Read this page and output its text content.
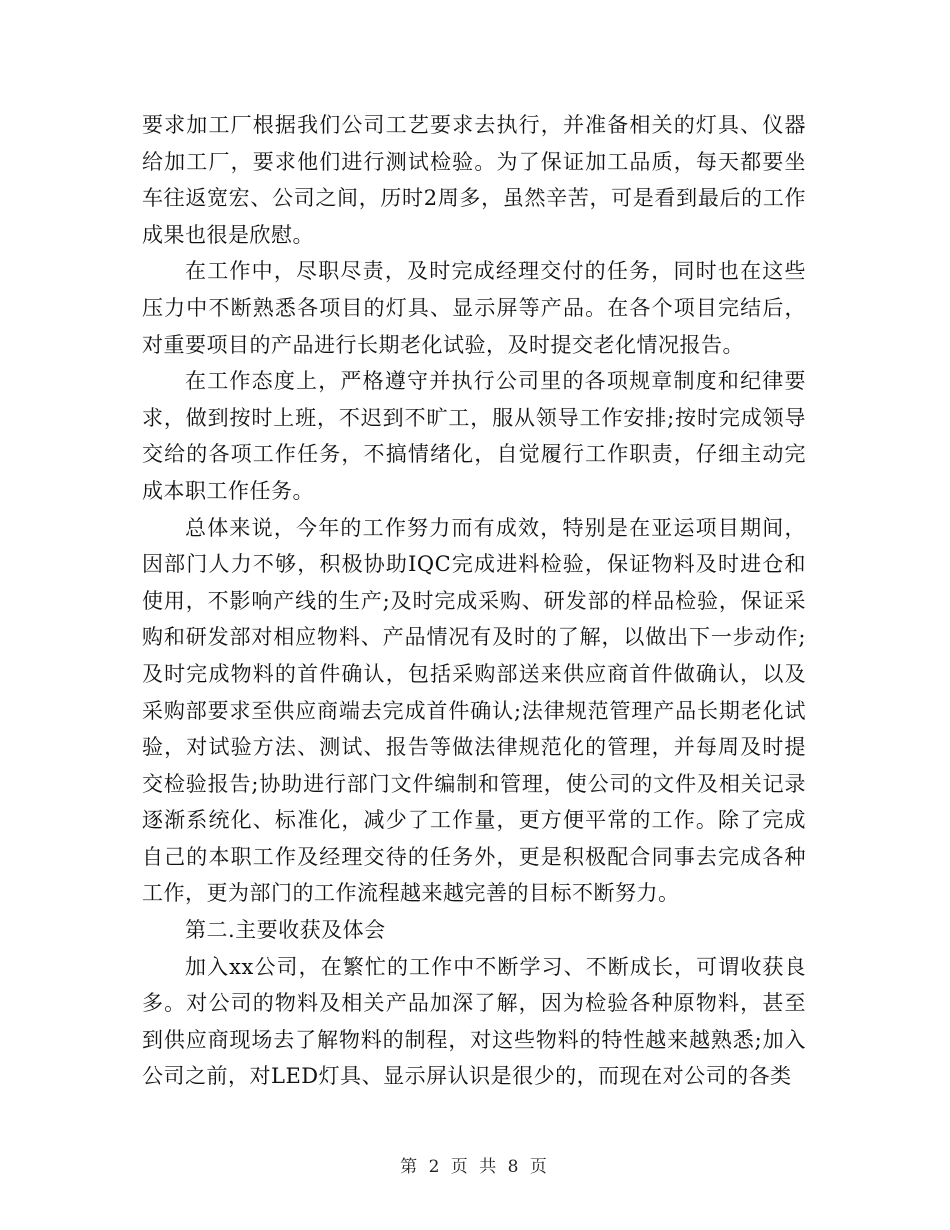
要求加工厂根据我们公司工艺要求去执行，并准备相关的灯具、仪器给加工厂，要求他们进行测试检验。为了保证加工品质，每天都要坐车往返宽宏、公司之间，历时2周多，虽然辛苦，可是看到最后的工作成果也很是欣慰。

在工作中，尽职尽责，及时完成经理交付的任务，同时也在这些压力中不断熟悉各项目的灯具、显示屏等产品。在各个项目完结后，对重要项目的产品进行长期老化试验，及时提交老化情况报告。

在工作态度上，严格遵守并执行公司里的各项规章制度和纪律要求，做到按时上班，不迟到不旷工，服从领导工作安排;按时完成领导交给的各项工作任务，不搞情绪化，自觉履行工作职责，仔细主动完成本职工作任务。

总体来说，今年的工作努力而有成效，特别是在亚运项目期间，因部门人力不够，积极协助IQC完成进料检验，保证物料及时进仓和使用，不影响产线的生产;及时完成采购、研发部的样品检验，保证采购和研发部对相应物料、产品情况有及时的了解，以做出下一步动作;及时完成物料的首件确认，包括采购部送来供应商首件做确认，以及采购部要求至供应商端去完成首件确认;法律规范管理产品长期老化试验，对试验方法、测试、报告等做法律规范化的管理，并每周及时提交检验报告;协助进行部门文件编制和管理，使公司的文件及相关记录逐渐系统化、标准化，减少了工作量，更方便平常的工作。除了完成自己的本职工作及经理交待的任务外，更是积极配合同事去完成各种工作，更为部门的工作流程越来越完善的目标不断努力。

第二.主要收获及体会

加入xx公司，在繁忙的工作中不断学习、不断成长，可谓收获良多。对公司的物料及相关产品加深了解，因为检验各种原物料，甚至到供应商现场去了解物料的制程，对这些物料的特性越来越熟悉;加入公司之前，对LED灯具、显示屏认识是很少的，而现在对公司的各类

第 2 页 共 8 页
